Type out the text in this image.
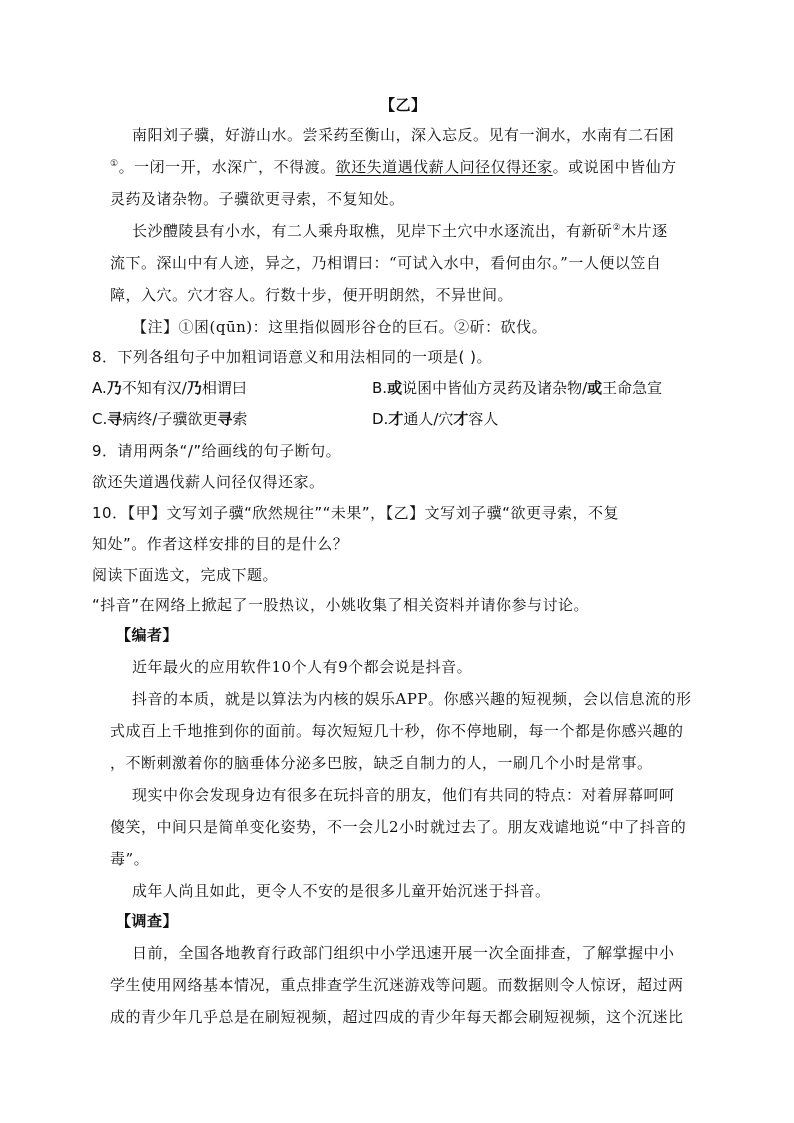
【乙】
南阳刘子骥，好游山水。尝采药至衡山，深入忘反。见有一涧水，水南有二石囷
①。一闭一开，水深广，不得渡。欲还失道遇伐薪人问径仅得还家。或说囷中皆仙方
灵药及诸杂物。子骥欲更寻索，不复知处。
长沙醴陵县有小水，有二人乘舟取樵，见岸下土穴中水逐流出，有新斫②木片逐
流下。深山中有人迹，异之，乃相谓曰：“可试入水中，看何由尔。”一人便以笠自
障，入穴。穴才容人。行数十步，便开明朗然，不异世间。
【注】①囷(qūn)：这里指似圆形谷仓的巨石。②斫：砍伐。
8．下列各组句子中加粗词语意义和用法相同的一项是( )。
A.乃不知有汉/乃相谓曰	B.或说囷中皆仙方灵药及诸杂物/或王命急宣
C.寻病终/子骥欲更寻索	D.才通人/穴才容人
9．请用两条“/”给画线的句子断句。
欲还失道遇伐薪人问径仅得还家。
10．【甲】文写刘子骥“欣然规往”“未果”，【乙】文写刘子骥“欲更寻索，不复
知处”。作者这样安排的目的是什么？
阅读下面选文，完成下题。
“抖音”在网络上掀起了一股热议，小姚收集了相关资料并请你参与讨论。
【编者】
近年最火的应用软件10个人有9个都会说是抖音。
抖音的本质，就是以算法为内核的娱乐APP。你感兴趣的短视频，会以信息流的形
式成百上千地推到你的面前。每次短短几十秒，你不停地刷，每一个都是你感兴趣的
，不断刺激着你的脑垂体分泌多巴胺，缺乏自制力的人，一刷几个小时是常事。
现实中你会发现身边有很多在玩抖音的朋友，他们有共同的特点：对着屏幕呵呵
傻笑，中间只是简单变化姿势，不一会儿2小时就过去了。朋友戏谑地说“中了抖音的
毒”。
成年人尚且如此，更令人不安的是很多儿童开始沉迷于抖音。
【调查】
日前，全国各地教育行政部门组织中小学迅速开展一次全面排查，了解掌握中小
学生使用网络基本情况，重点排查学生沉迷游戏等问题。而数据则令人惊讶，超过两
成的青少年几乎总是在刷短视频，超过四成的青少年每天都会刷短视频，这个沉迷比
